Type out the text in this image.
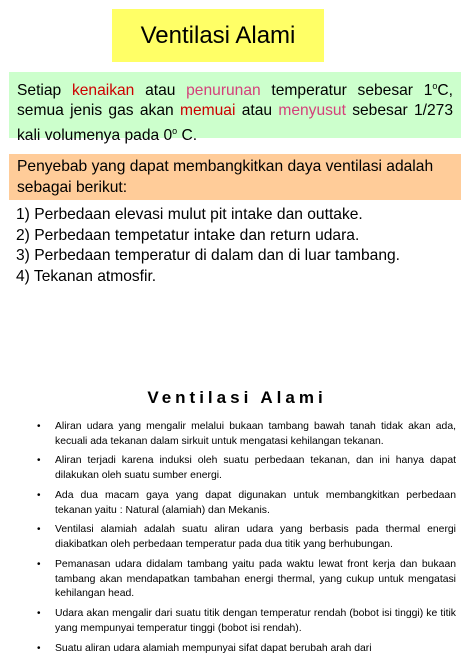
Ventilasi Alami
Setiap kenaikan atau penurunan temperatur sebesar 1$^o$C, semua jenis gas akan memuai atau menyusut sebesar 1/273 kali volumenya pada 0$^o$ C.
Penyebab yang dapat membangkitkan daya ventilasi adalah sebagai berikut:
1) Perbedaan elevasi mulut pit intake dan outtake.
2) Perbedaan tempetatur intake dan return udara.
3) Perbedaan temperatur di dalam dan di luar tambang.
4) Tekanan atmosfir.
Ventilasi Alami
• Aliran udara yang mengalir melalui bukaan tambang bawah tanah tidak akan ada, kecuali ada tekanan dalam sirkuit untuk mengatasi kehilangan tekanan.
• Aliran terjadi karena induksi oleh suatu perbedaan tekanan, dan ini hanya dapat dilakukan oleh suatu sumber energi.
• Ada dua macam gaya yang dapat digunakan untuk membangkitkan perbedaan tekanan yaitu : Natural (alamiah) dan Mekanis.
• Ventilasi alamiah adalah suatu aliran udara yang berbasis pada thermal energi diakibatkan oleh perbedaan temperatur pada dua titik yang berhubungan.
• Pemanasan udara didalam tambang yaitu pada waktu lewat front kerja dan bukaan tambang akan mendapatkan tambahan energi thermal, yang cukup untuk mengatasi kehilangan head.
• Udara akan mengalir dari suatu titik dengan temperatur rendah (bobot isi tinggi) ke titik yang mempunyai temperatur tinggi (bobot isi rendah).
• Suatu aliran udara alamiah mempunyai sifat dapat berubah arah dari
